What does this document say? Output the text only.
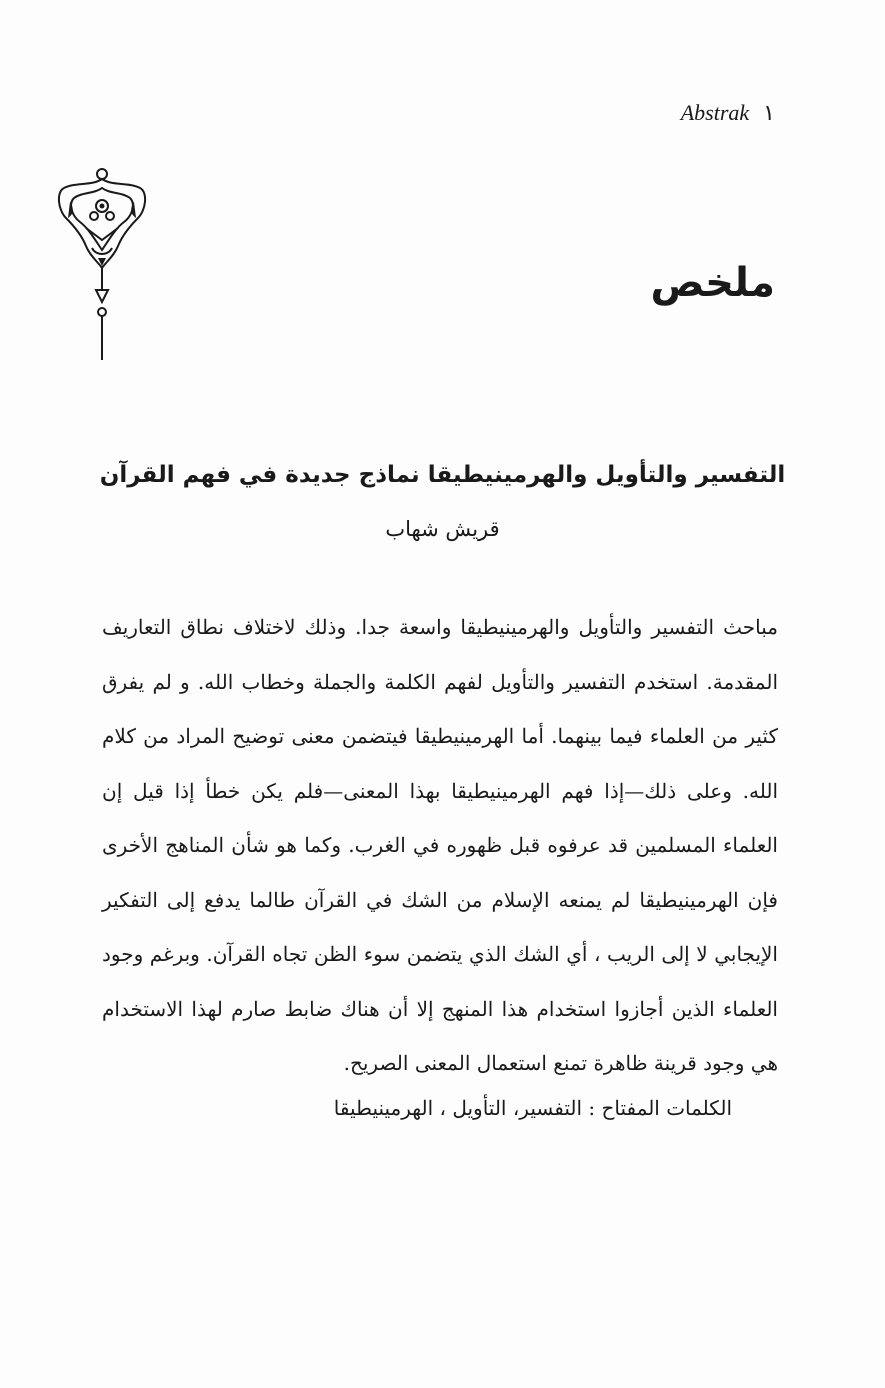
Abstrak ١
ملخص
التفسير والتأويل والهرمينيطيقا نماذج جديدة في فهم القرآن
قريش شهاب
مباحث التفسير والتأويل والهرمينيطيقا واسعة جدا. وذلك لاختلاف نطاق التعاريف المقدمة. استخدم التفسير والتأويل لفهم الكلمة والجملة وخطاب الله. و لم يفرق كثير من العلماء فيما بينهما. أما الهرمينيطيقا فيتضمن معنى توضيح المراد من كلام الله. وعلى ذلك—إذا فهم الهرمينيطيقا بهذا المعنى—فلم يكن خطأ إذا قيل إن العلماء المسلمين قد عرفوه قبل ظهوره في الغرب. وكما هو شأن المناهج الأخرى فإن الهرمينيطيقا لم يمنعه الإسلام من الشك في القرآن طالما يدفع إلى التفكير الإيجابي لا إلى الريب ، أي الشك الذي يتضمن سوء الظن تجاه القرآن. وبرغم وجود العلماء الذين أجازوا استخدام هذا المنهج إلا أن هناك ضابط صارم لهذا الاستخدام هي وجود قرينة ظاهرة تمنع استعمال المعنى الصريح.
الكلمات المفتاح : التفسير، التأويل ، الهرمينيطيقا
